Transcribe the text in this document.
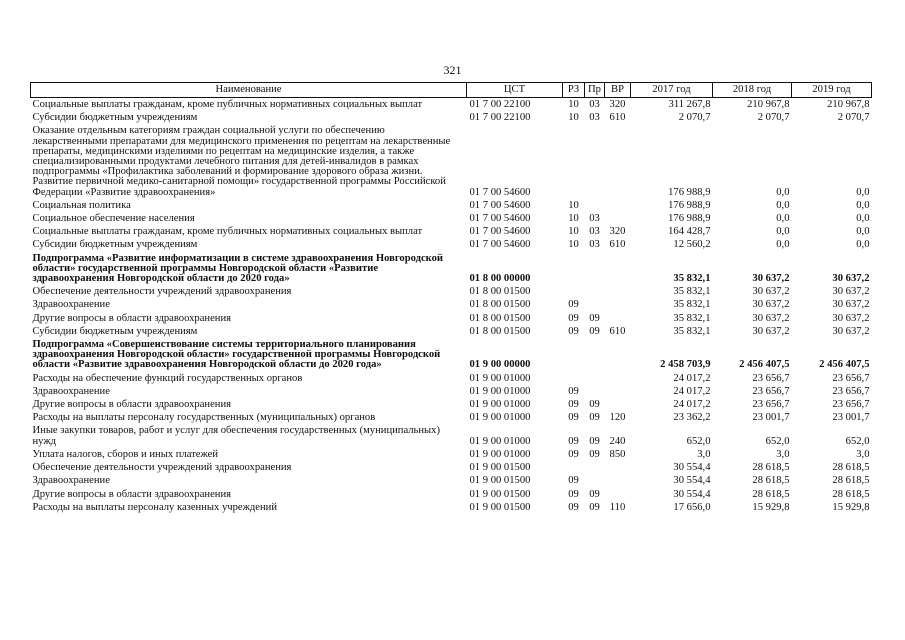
321
Наименование	ЦСТ	РЗ	Пр	ВР	2017 год	2018 год	2019 год
Социальные выплаты гражданам, кроме публичных нормативных социальных выплат	01 7 00 22100	10	03	320	311 267,8	210 967,8	210 967,8
Субсидии бюджетным учреждениям	01 7 00 22100	10	03	610	2 070,7	2 070,7	2 070,7
Оказание отдельным категориям граждан социальной услуги по обеспечению лекарственными препаратами для медицинского применения по рецептам на лекарственные препараты, медицинскими изделиями по рецептам на медицинские изделия, а также специализированными продуктами лечебного питания для детей-инвалидов в рамках подпрограммы «Профилактика заболеваний и формирование здорового образа жизни. Развитие первичной медико-санитарной помощи» государственной программы Российской Федерации «Развитие здравоохранения»	01 7 00 54600				176 988,9	0,0	0,0
Социальная политика	01 7 00 54600	10			176 988,9	0,0	0,0
Социальное обеспечение населения	01 7 00 54600	10	03		176 988,9	0,0	0,0
Социальные выплаты гражданам, кроме публичных нормативных социальных выплат	01 7 00 54600	10	03	320	164 428,7	0,0	0,0
Субсидии бюджетным учреждениям	01 7 00 54600	10	03	610	12 560,2	0,0	0,0
Подпрограмма «Развитие информатизации в системе здравоохранения Новгородской области» государственной программы Новгородской области «Развитие здравоохранения Новгородской области до 2020 года»	01 8 00 00000				35 832,1	30 637,2	30 637,2
Обеспечение деятельности учреждений здравоохранения	01 8 00 01500				35 832,1	30 637,2	30 637,2
Здравоохранение	01 8 00 01500	09			35 832,1	30 637,2	30 637,2
Другие вопросы в области здравоохранения	01 8 00 01500	09	09		35 832,1	30 637,2	30 637,2
Субсидии бюджетным учреждениям	01 8 00 01500	09	09	610	35 832,1	30 637,2	30 637,2
Подпрограмма «Совершенствование системы территориального планирования здравоохранения Новгородской области» государственной программы Новгородской области «Развитие здравоохранения Новгородской области до 2020 года»	01 9 00 00000				2 458 703,9	2 456 407,5	2 456 407,5
Расходы на обеспечение функций государственных органов	01 9 00 01000				24 017,2	23 656,7	23 656,7
Здравоохранение	01 9 00 01000	09			24 017,2	23 656,7	23 656,7
Другие вопросы в области здравоохранения	01 9 00 01000	09	09		24 017,2	23 656,7	23 656,7
Расходы на выплаты персоналу государственных (муниципальных) органов	01 9 00 01000	09	09	120	23 362,2	23 001,7	23 001,7
Иные закупки товаров, работ и услуг для обеспечения государственных (муниципальных) нужд	01 9 00 01000	09	09	240	652,0	652,0	652,0
Уплата налогов, сборов и иных платежей	01 9 00 01000	09	09	850	3,0	3,0	3,0
Обеспечение деятельности учреждений здравоохранения	01 9 00 01500				30 554,4	28 618,5	28 618,5
Здравоохранение	01 9 00 01500	09			30 554,4	28 618,5	28 618,5
Другие вопросы в области здравоохранения	01 9 00 01500	09	09		30 554,4	28 618,5	28 618,5
Расходы на выплаты персоналу казенных учреждений	01 9 00 01500	09	09	110	17 656,0	15 929,8	15 929,8
